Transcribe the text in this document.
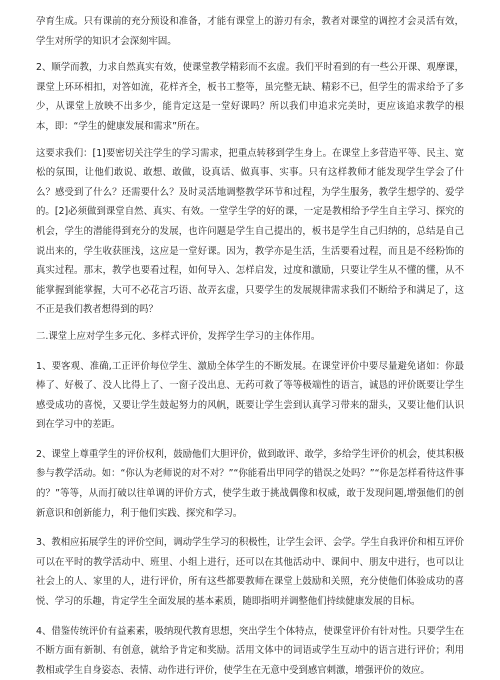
孕育生成。只有课前的充分预设和准备，才能有课堂上的游刃有余，教者对课堂的调控才会灵活有效，学生对所学的知识才会深刻牢固。

2、顺学而教，力求自然真实有效，使课堂教学精彩而不玄虚。我们平时看到的有一些公开课、观摩课，课堂上环环相扣，对答如流，花样齐全，板书工整等，虽完整无缺、精彩不已，但学生的需求给予了多少，从课堂上放映不出多少，能肯定这是一堂好课吗？所以我们申追求完美时，更应该追求教学的根本，即：“学生的健康发展和需求”所在。

这要求我们：[1]要密切关注学生的学习需求，把重点转移到学生身上。在课堂上多营造平等、民主、宽松的氛围，让他们敢说、敢想、敢做，设真话、做真事、实事。只有这样教师才能发现学生学会了什么？感受到了什么？还需要什么？及时灵活地调整教学环节和过程，为学生服务，教学生想学的、爱学的。[2]必须做到课堂自然、真实、有效。一堂学生学的好的课，一定是教相给予学生自主学习、探究的机会，学生的潜能得到充分的发展，也许问题是学生自己提出的，板书是学生自己归纳的，总结是自己说出来的，学生收获匪浅，这应是一堂好课。因为，教学亦是生活，生活要看过程，而且是不经粉饰的真实过程。那末，教学也要看过程，如何导入、怎样启发，过度和激励，只要让学生从不懂的懂，从不能掌握到能掌握，大可不必花言巧语、故弄玄虚，只要学生的发展规律需求我们不断给予和满足了，这不正是我们教者想得到的吗？

二.课堂上应对学生多元化、多样式评价，发挥学生学习的主体作用。

1、要客观、准确,工正评价每位学生、激励全体学生的不断发展。在课堂评价中要尽量避免诸如：你最棒了、好极了、没人比得上了、一窗子没出息、无药可救了等等极端性的语言，诚恳的评价既要让学生感受成功的喜悦，又要让学生鼓起努力的风帆，既要让学生尝到认真学习带来的甜头，又要让他们认识到在学习中的差距。

2、课堂上尊重学生的评价权利，鼓励他们大胆评价，做到敢评、敢学，多给学生评价的机会，使其积极参与教学活动。如：“你认为老师说的对不对？”“你能看出甲同学的错误之处吗？”“你是怎样看待这件事的？”等等，从而打破以往单调的评价方式，使学生敢于挑战偶像和权威，敢于发现问题,增强他们的创新意识和创新能力，利于他们实践、探究和学习。

3、教相应拓展学生的评价空间，调动学生学习的积极性，让学生会评、会学。学生自我评价和相互评价可以在平时的教学活动中、班里、小组上进行，还可以在其他活动中、课间中、朋友中进行，也可以让社会上的人、家里的人，进行评价，所有这些都要教师在课堂上鼓励和关照，充分使他们体验成功的喜悦、学习的乐趣，肯定学生全面发展的基本素质，随即指明并调整他们持续健康发展的目标。

4、借鉴传统评价有益素素，吸纳现代教育思想，突出学生个体特点，使课堂评价有针对性。只要学生在不断方面有新制、有创意，就给予肯定和奖励。活用文体中的词语或学生互动中的语言进行评价；利用教相或学生自身姿态、表情、动作进行评价，使学生在无意中受到感官刺激，增强评价的效应。
